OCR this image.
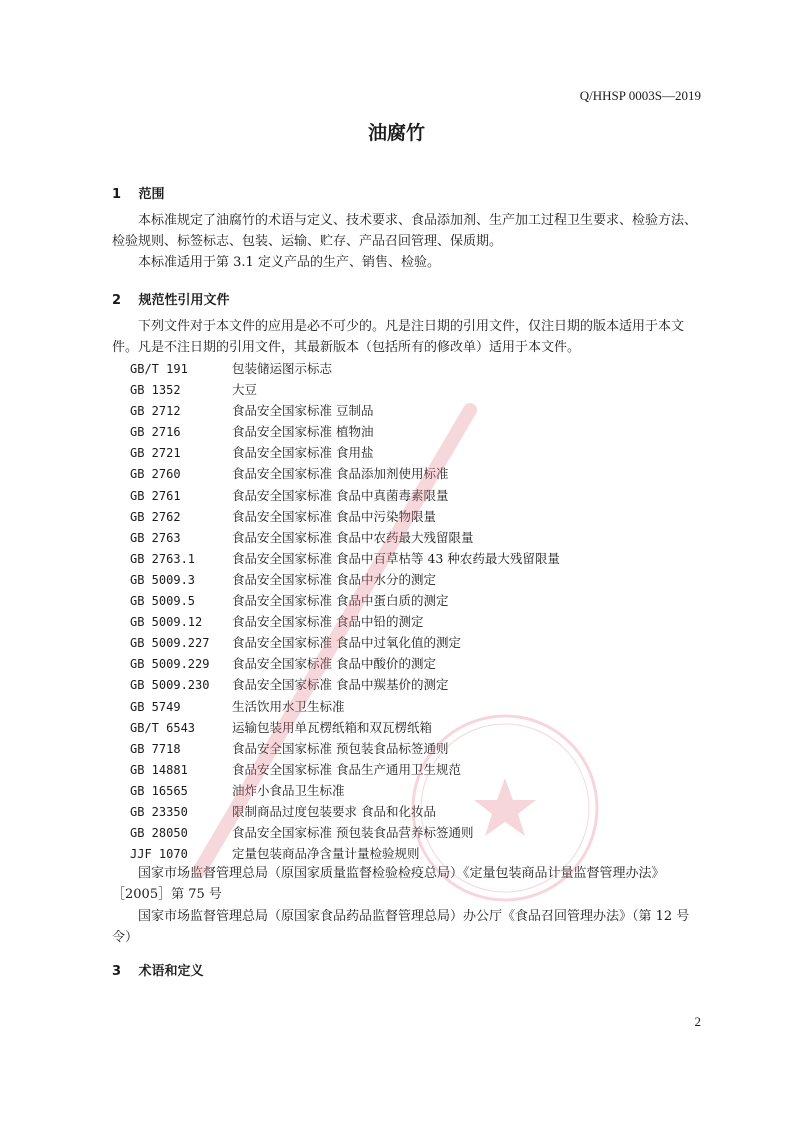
Q/HHSP 0003S—2019
油腐竹
1 范围

本标准规定了油腐竹的术语与定义、技术要求、食品添加剂、生产加工过程卫生要求、检验方法、检验规则、标签标志、包装、运输、贮存、产品召回管理、保质期。

本标准适用于第 3.1 定义产品的生产、销售、检验。

2 规范性引用文件

下列文件对于本文件的应用是必不可少的。凡是注日期的引用文件，仅注日期的版本适用于本文件。凡是不注日期的引用文件，其最新版本（包括所有的修改单）适用于本文件。

GB/T 191	包装储运图示标志
GB 1352	大豆
GB 2712	食品安全国家标准 豆制品
GB 2716	食品安全国家标准 植物油
GB 2721	食品安全国家标准 食用盐
GB 2760	食品安全国家标准 食品添加剂使用标准
GB 2761	食品安全国家标准 食品中真菌毒素限量
GB 2762	食品安全国家标准 食品中污染物限量
GB 2763	食品安全国家标准 食品中农药最大残留限量
GB 2763.1	食品安全国家标准 食品中百草枯等 43 种农药最大残留限量
GB 5009.3	食品安全国家标准 食品中水分的测定
GB 5009.5	食品安全国家标准 食品中蛋白质的测定
GB 5009.12 食品安全国家标准 食品中铅的测定
GB 5009.227 食品安全国家标准 食品中过氧化值的测定
GB 5009.229 食品安全国家标准 食品中酸价的测定
GB 5009.230 食品安全国家标准 食品中羰基价的测定
GB 5749	生活饮用水卫生标准
GB/T 6543	运输包装用单瓦楞纸箱和双瓦楞纸箱
GB 7718	食品安全国家标准 预包装食品标签通则
GB 14881	食品安全国家标准 食品生产通用卫生规范
GB 16565	油炸小食品卫生标准
GB 23350	限制商品过度包装要求 食品和化妆品
GB 28050	食品安全国家标准 预包装食品营养标签通则
JJF 1070	定量包装商品净含量计量检验规则

国家市场监督管理总局（原国家质量监督检验检疫总局）《定量包装商品计量监督管理办法》［2005］第 75 号

国家市场监督管理总局（原国家食品药品监督管理总局）办公厅《食品召回管理办法》（第 12 号令）

3 术语和定义
2
